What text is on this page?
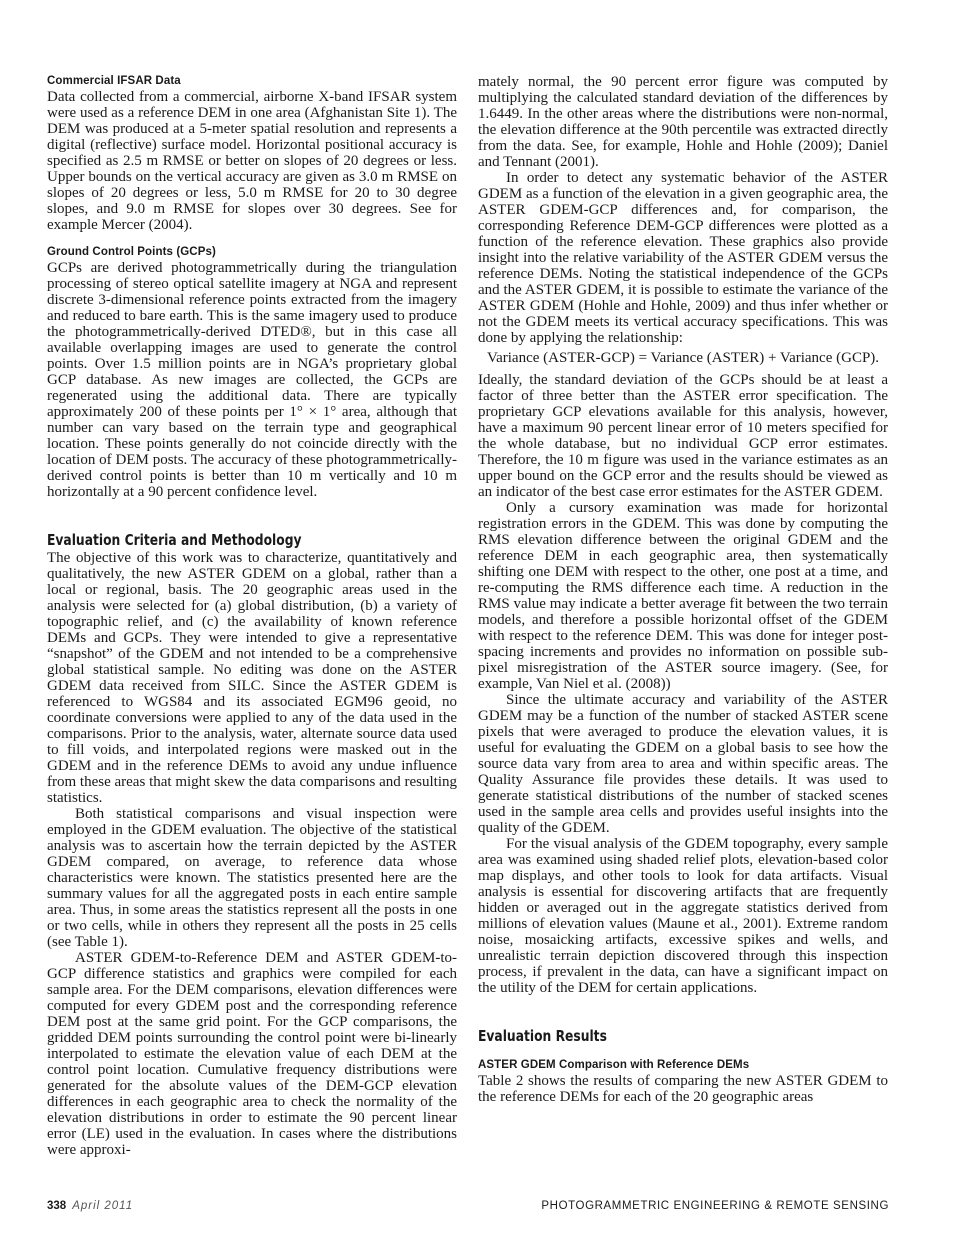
Commercial IFSAR Data

Data collected from a commercial, airborne X-band IFSAR system were used as a reference DEM in one area (Afghanistan Site 1). The DEM was produced at a 5-meter spatial resolution and represents a digital (reflective) surface model. Horizontal positional accuracy is specified as 2.5 m RMSE or better on slopes of 20 degrees or less. Upper bounds on the vertical accuracy are given as 3.0 m RMSE on slopes of 20 degrees or less, 5.0 m RMSE for 20 to 30 degree slopes, and 9.0 m RMSE for slopes over 30 degrees. See for example Mercer (2004).

Ground Control Points (GCPs)

GCPs are derived photogrammetrically during the triangulation processing of stereo optical satellite imagery at NGA and represent discrete 3-dimensional reference points extracted from the imagery and reduced to bare earth. This is the same imagery used to produce the photogrammetrically-derived DTED®, but in this case all available overlapping images are used to generate the control points. Over 1.5 million points are in NGA’s proprietary global GCP database. As new images are collected, the GCPs are regenerated using the additional data. There are typically approximately 200 of these points per 1° × 1° area, although that number can vary based on the terrain type and geographical location. These points generally do not coincide directly with the location of DEM posts. The accuracy of these photogrammetrically-derived control points is better than 10 m vertically and 10 m horizontally at a 90 percent confidence level.

Evaluation Criteria and Methodology

The objective of this work was to characterize, quantitatively and qualitatively, the new ASTER GDEM on a global, rather than a local or regional, basis. The 20 geographic areas used in the analysis were selected for (a) global distribution, (b) a variety of topographic relief, and (c) the availability of known reference DEMs and GCPs. They were intended to give a representative “snapshot” of the GDEM and not intended to be a comprehensive global statistical sample. No editing was done on the ASTER GDEM data received from SILC. Since the ASTER GDEM is referenced to WGS84 and its associated EGM96 geoid, no coordinate conversions were applied to any of the data used in the comparisons. Prior to the analysis, water, alternate source data used to fill voids, and interpolated regions were masked out in the GDEM and in the reference DEMs to avoid any undue influence from these areas that might skew the data comparisons and resulting statistics.

Both statistical comparisons and visual inspection were employed in the GDEM evaluation. The objective of the statistical analysis was to ascertain how the terrain depicted by the ASTER GDEM compared, on average, to reference data whose characteristics were known. The statistics presented here are the summary values for all the aggregated posts in each entire sample area. Thus, in some areas the statistics represent all the posts in one or two cells, while in others they represent all the posts in 25 cells (see Table 1).

ASTER GDEM-to-Reference DEM and ASTER GDEM-to-GCP difference statistics and graphics were compiled for each sample area. For the DEM comparisons, elevation differences were computed for every GDEM post and the corresponding reference DEM post at the same grid point. For the GCP comparisons, the gridded DEM points surrounding the control point were bi-linearly interpolated to estimate the elevation value of each DEM at the control point location. Cumulative frequency distributions were generated for the absolute values of the DEM-GCP elevation differences in each geographic area to check the normality of the elevation distributions in order to estimate the 90 percent linear error (LE) used in the evaluation. In cases where the distributions were approxi-

mately normal, the 90 percent error figure was computed by multiplying the calculated standard deviation of the differences by 1.6449. In the other areas where the distributions were non-normal, the elevation difference at the 90th percentile was extracted directly from the data. See, for example, Hohle and Hohle (2009); Daniel and Tennant (2001).

In order to detect any systematic behavior of the ASTER GDEM as a function of the elevation in a given geographic area, the ASTER GDEM-GCP differences and, for comparison, the corresponding Reference DEM-GCP differences were plotted as a function of the reference elevation. These graphics also provide insight into the relative variability of the ASTER GDEM versus the reference DEMs. Noting the statistical independence of the GCPs and the ASTER GDEM, it is possible to estimate the variance of the ASTER GDEM (Hohle and Hohle, 2009) and thus infer whether or not the GDEM meets its vertical accuracy specifications. This was done by applying the relationship:

Variance (ASTER-GCP) = Variance (ASTER) + Variance (GCP).

Ideally, the standard deviation of the GCPs should be at least a factor of three better than the ASTER error specification. The proprietary GCP elevations available for this analysis, however, have a maximum 90 percent linear error of 10 meters specified for the whole database, but no individual GCP error estimates. Therefore, the 10 m figure was used in the variance estimates as an upper bound on the GCP error and the results should be viewed as an indicator of the best case error estimates for the ASTER GDEM.

Only a cursory examination was made for horizontal registration errors in the GDEM. This was done by computing the RMS elevation difference between the original GDEM and the reference DEM in each geographic area, then systematically shifting one DEM with respect to the other, one post at a time, and re-computing the RMS difference each time. A reduction in the RMS value may indicate a better average fit between the two terrain models, and therefore a possible horizontal offset of the GDEM with respect to the reference DEM. This was done for integer post-spacing increments and provides no information on possible sub-pixel misregistration of the ASTER source imagery. (See, for example, Van Niel et al. (2008))

Since the ultimate accuracy and variability of the ASTER GDEM may be a function of the number of stacked ASTER scene pixels that were averaged to produce the elevation values, it is useful for evaluating the GDEM on a global basis to see how the source data vary from area to area and within specific areas. The Quality Assurance file provides these details. It was used to generate statistical distributions of the number of stacked scenes used in the sample area cells and provides useful insights into the quality of the GDEM.

For the visual analysis of the GDEM topography, every sample area was examined using shaded relief plots, elevation-based color map displays, and other tools to look for data artifacts. Visual analysis is essential for discovering artifacts that are frequently hidden or averaged out in the aggregate statistics derived from millions of elevation values (Maune et al., 2001). Extreme random noise, mosaicking artifacts, excessive spikes and wells, and unrealistic terrain depiction discovered through this inspection process, if prevalent in the data, can have a significant impact on the utility of the DEM for certain applications.

Evaluation Results
ASTER GDEM Comparison with Reference DEMs

Table 2 shows the results of comparing the new ASTER GDEM to the reference DEMs for each of the 20 geographic areas

338 April 2011	PHOTOGRAMMETRIC ENGINEERING & REMOTE SENSING
